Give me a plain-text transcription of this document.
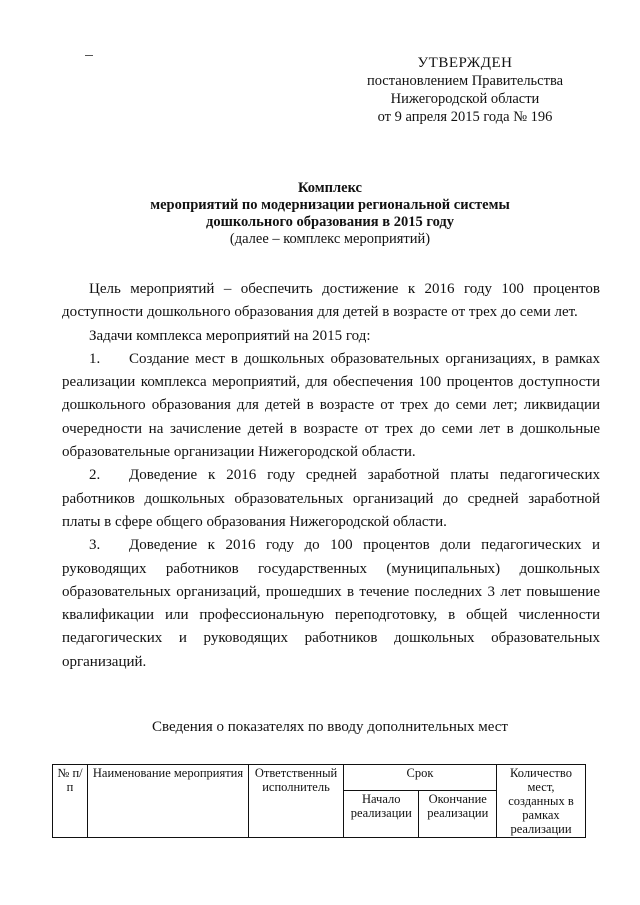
УТВЕРЖДЕН
постановлением Правительства
Нижегородской области
от 9 апреля 2015 года № 196
Комплекс
мероприятий по модернизации региональной системы
дошкольного образования в 2015 году
(далее – комплекс мероприятий)

Цель мероприятий – обеспечить достижение к 2016 году 100 процентов доступности дошкольного образования для детей в возрасте от трех до семи лет.

Задачи комплекса мероприятий на 2015 год:

1. Создание мест в дошкольных образовательных организациях, в рамках реализации комплекса мероприятий, для обеспечения 100 процентов доступности дошкольного образования для детей в возрасте от трех до семи лет; ликвидации очередности на зачисление детей в возрасте от трех до семи лет в дошкольные образовательные организации Нижегородской области.

2. Доведение к 2016 году средней заработной платы педагогических работников дошкольных образовательных организаций до средней заработной платы в сфере общего образования Нижегородской области.

3. Доведение к 2016 году до 100 процентов доли педагогических и руководящих работников государственных (муниципальных) дошкольных образовательных организаций, прошедших в течение последних 3 лет повышение квалификации или профессиональную переподготовку, в общей численности педагогических и руководящих работников дошкольных образовательных организаций.

Сведения о показателях по вводу дополнительных мест
№ п/п	Наименование мероприятия	Ответственный исполнитель	Срок		Количество мест, созданных в рамках реализации
			Начало реализации	Окончание реализации	
